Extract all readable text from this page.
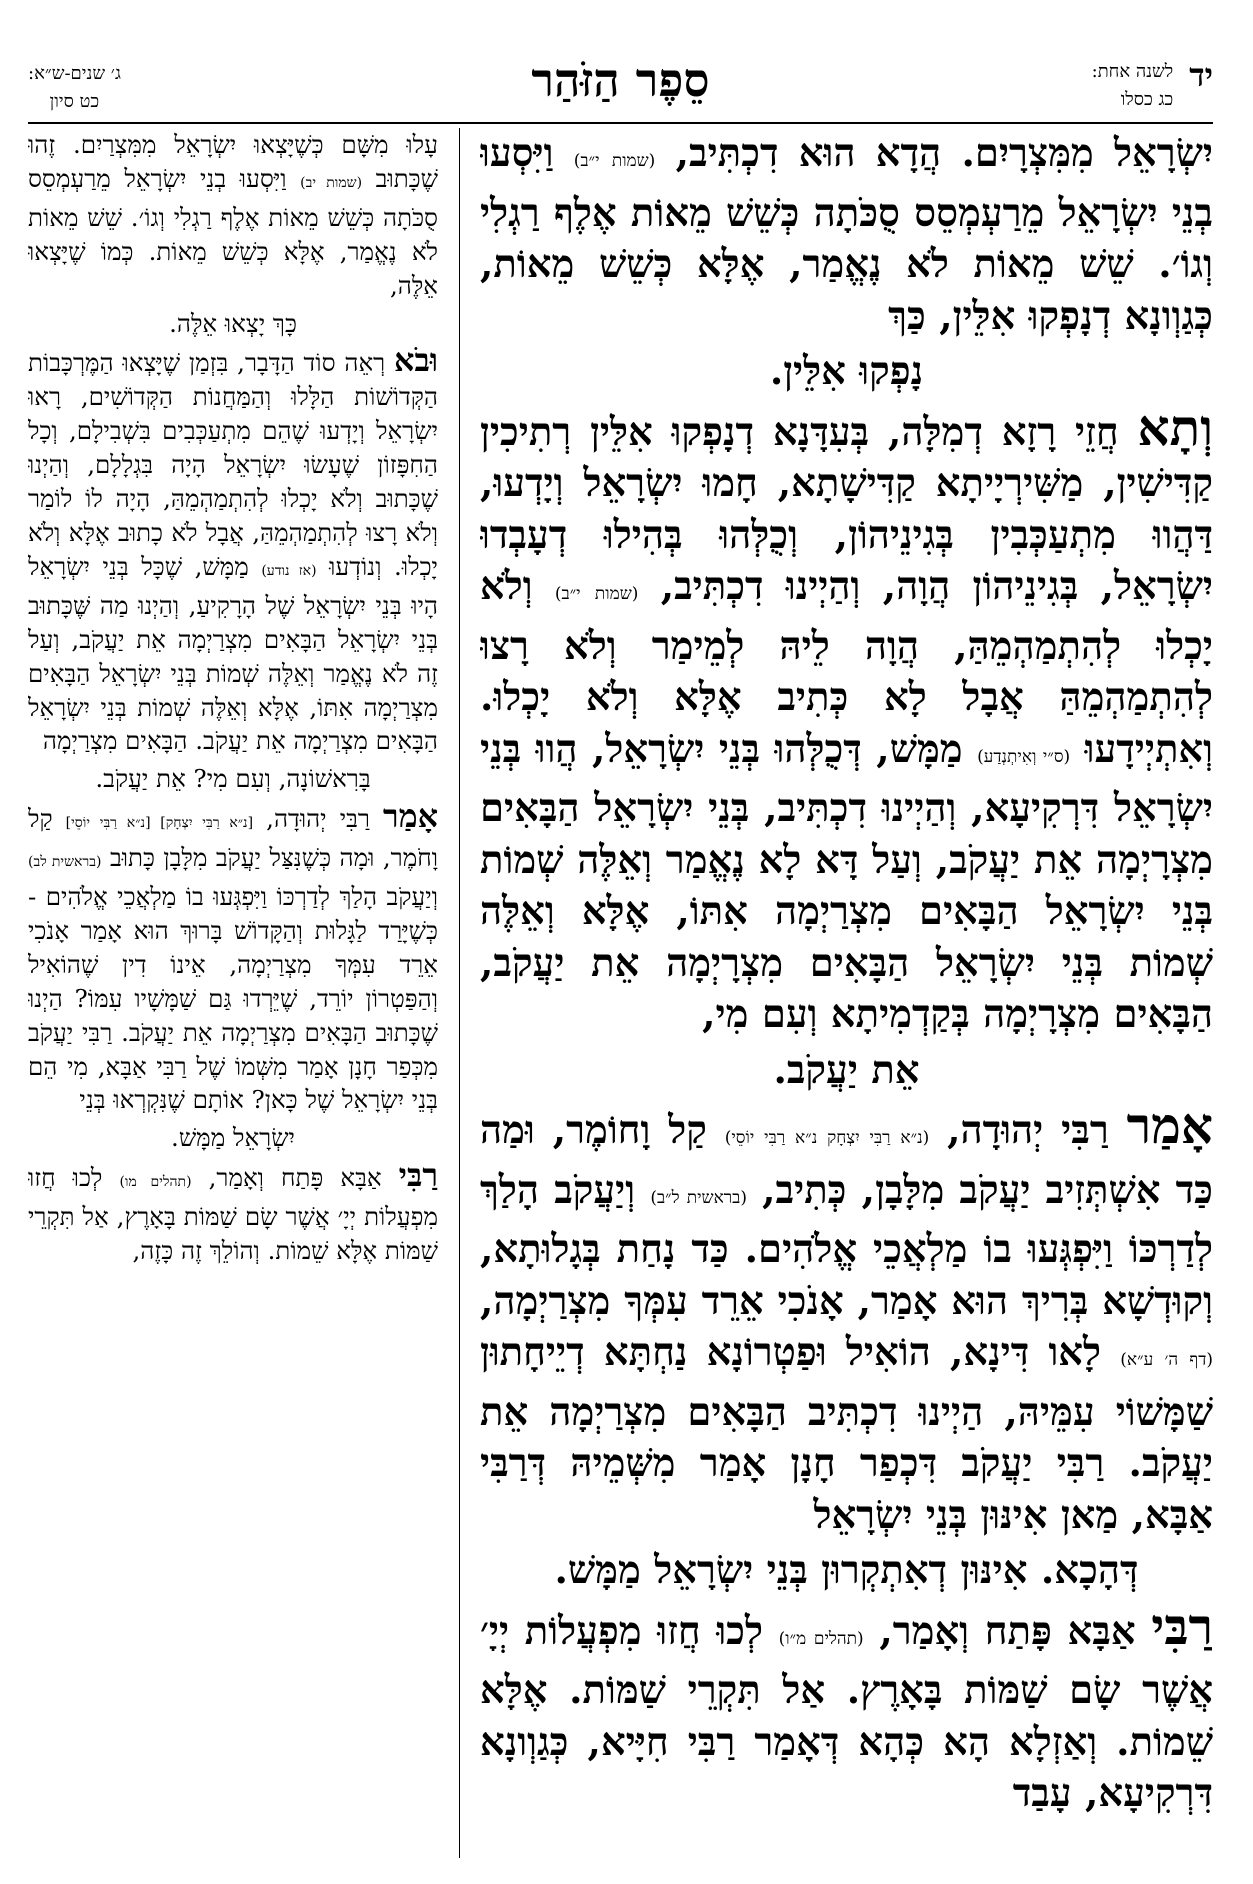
יד
לשנה אחת:
כג כסלו
סֵפֶר הַזֹּהַר
ג׳ שנים-ש״א:
כט סיון

יִשְׂרָאֵל מִמִּצְרָיִם. הֲדָא הוּא דִכְתִּיב, (שמות י״ב) וַיִּסְעוּ בְנֵי יִשְׂרָאֵל מֵרַעְמְסֵס סֻכֹּתָה כְּשֵׁשׁ מֵאוֹת אֶלֶף רַגְלִי וְגוֹ׳. שֵׁשׁ מֵאוֹת לֹא נֶאֱמַר, אֶלָּא כְּשֵׁשׁ מֵאוֹת, כְּגַוְונָא דְנָפְקוּ אִלֵּין, כַּךְ

נָפְקוּ אִלֵּין.

וְתָא חֲזֵי רָזָא דְמִלָּה, בְּעִדָּנָא דְנָפְקוּ אִלֵּין רְתִיכִין קַדִּישִׁין, מַשִּׁירְיָיתָא קַדִּישָׁתָא, חָמוּ יִשְׂרָאֵל וְיָדְעוּ, דַּהֲווּ מִתְעַכְּבִין בְּגִינֵיהוֹן, וְכֻלְּהוּ בְּהִילוּ דְעָבְדוּ יִשְׂרָאֵל, בְּגִינֵיהוֹן הֲוָה, וְהַיְינוּ דִכְתִּיב, (שמות י״ב) וְלֹא יָכְלוּ לְהִתְמַהְמֵהַּ, הֲוָה לֵיהּ לְמֵימַר וְלֹא רָצוּ לְהִתְמַהְמֵהַּ אֲבָל לָא כְּתִיב אֶלָּא וְלֹא יָכְלוּ. וְאִתְיְידָעוּ (ס״י וְאִיתְנְדַע) מַמָּשׁ, דְּכֻלְּהוּ בְּנֵי יִשְׂרָאֵל, הֲווּ בְּנֵי יִשְׂרָאֵל דִּרְקִיעָא, וְהַיְינוּ דִכְתִּיב, בְּנֵי יִשְׂרָאֵל הַבָּאִים מִצְרָיְמָה אֵת יַעֲקֹב, וְעַל דָּא לָא נֶאֱמַר וְאֵלֶּה שְׁמוֹת בְּנֵי יִשְׂרָאֵל הַבָּאִים מִצְרַיְמָה אִתּוֹ, אֶלָּא וְאֵלֶּה שְׁמוֹת בְּנֵי יִשְׂרָאֵל הַבָּאִים מִצְרָיְמָה אֵת יַעֲקֹב, הַבָּאִים מִצְרָיְמָה בְּקַדְמִיתָא וְעִם מִי,

אֵת יַעֲקֹב.

אָמַר רַבִּי יְהוּדָה, (נ״א רַבִּי יִצְחָק נ״א רַבִּי יוֹסֵי) קַל וָחוֹמֶר, וּמַה כַּד אִשְׁתְּזִיב יַעֲקֹב מִלָּבָן, כְּתִיב, (בראשית ל״ב) וְיַעֲקֹב הָלַךְ לְדַרְכּוֹ וַיִּפְגְּעוּ בוֹ מַלְאֲכֵי אֱלֹהִים. כַּד נָחַת בְּגָלוּתָא, וְקוּדְשָׁא בְּרִיךְ הוּא אָמַר, אָנֹכִי אֵרֵד עִמְּךָ מִצְרַיְמָה, (דף ה׳ ע״א) לָאו דִּינָא, הוֹאִיל וּפַטְרוֹנָא נַחְתָּא דְיֵיחָתוּן שַׁמָּשׁוֹי עִמֵּיהּ, הַיְינוּ דִכְתִּיב הַבָּאִים מִצְרַיְמָה אֵת יַעֲקֹב. רַבִּי יַעֲקֹב דִּכְפַר חָנָן אָמַר מִשְּׁמֵיהּ דְּרַבִּי אַבָּא, מַאן אִינּוּן בְּנֵי יִשְׂרָאֵל

דְּהָכָא. אִינּוּן דְאִתְקְרוּן בְּנֵי יִשְׂרָאֵל מַמָּשׁ.

רַבִּי אַבָּא פָּתַח וְאָמַר, (תהלים מ״ו) לְכוּ חֲזוּ מִפְעֲלוֹת יְיָ׳ אֲשֶׁר שָׂם שַׁמּוֹת בָּאָרֶץ. אַל תִּקְרֵי שַׁמּוֹת. אֶלָּא שֵׁמוֹת. וְאַזְלָא הָא כְּהָא דְּאָמַר רַבִּי חִיָּיא, כְּגַוְונָא דִּרְקִיעָא, עָבַד

עָלוּ מִשָּׁם כְּשֶׁיָּצְאוּ יִשְׂרָאֵל מִמִּצְרַיִם. זֶהוּ שֶׁכָּתוּב (שמות יב) וַיִּסְעוּ בְנֵי יִשְׂרָאֵל מֵרַעְמְסֵס סֻכֹּתָה כְּשֵׁשׁ מֵאוֹת אֶלֶף רַגְלִי וְגוֹ׳. שֵׁשׁ מֵאוֹת לֹא נֶאֱמַר, אֶלָּא כְּשֵׁשׁ מֵאוֹת. כְּמוֹ שֶׁיָּצְאוּ אֵלֶּה,

כָּךְ יָצְאוּ אֵלֶּה.

וּבֹא רְאֵה סוֹד הַדָּבָר, בִּזְמַן שֶׁיָּצְאוּ הַמֶּרְכָּבוֹת הַקְּדוֹשׁוֹת הַלָּלוּ וְהַמַּחֲנוֹת הַקְּדוֹשִׁים, רָאוּ יִשְׂרָאֵל וְיָדְעוּ שֶׁהֵם מִתְעַכְּבִים בִּשְׁבִילָם, וְכָל הַחִפָּזוֹן שֶׁעָשׂוּ יִשְׂרָאֵל הָיָה בִּגְלָלָם, וְהַיְנוּ שֶׁכָּתוּב וְלֹא יָכְלוּ לְהִתְמַהְמֵהַּ, הָיָה לוֹ לוֹמַר וְלֹא רָצוּ לְהִתְמַהְמֵהַּ, אֲבָל לֹא כָתוּב אֶלָּא וְלֹא יָכְלוּ. וְנוֹדְעוּ (אז נודע) מַמָּשׁ, שֶׁכָּל בְּנֵי יִשְׂרָאֵל הָיוּ בְּנֵי יִשְׂרָאֵל שֶׁל הָרָקִיעַ, וְהַיְנוּ מַה שֶּׁכָּתוּב בְּנֵי יִשְׂרָאֵל הַבָּאִים מִצְרַיְמָה אֵת יַעֲקֹב, וְעַל זֶה לֹא נֶאֱמַר וְאֵלֶּה שְׁמוֹת בְּנֵי יִשְׂרָאֵל הַבָּאִים מִצְרַיְמָה אִתּוֹ, אֶלָּא וְאֵלֶּה שְׁמוֹת בְּנֵי יִשְׂרָאֵל הַבָּאִים מִצְרַיְמָה אֵת יַעֲקֹב. הַבָּאִים מִצְרַיְמָה

בָּרִאשׁוֹנָה, וְעִם מִי? אֵת יַעֲקֹב.

אָמַר רַבִּי יְהוּדָה, [נ״א רַבִּי יִצְחָק] [נ״א רַבִּי יוֹסֵי] קַל וָחֹמֶר, וּמָה כְּשֶׁנִּצַּל יַעֲקֹב מִלָּבָן כָּתוּב (בראשית לב) וְיַעֲקֹב הָלַךְ לְדַרְכּוֹ וַיִּפְגְּעוּ בוֹ מַלְאֲכֵי אֱלֹהִים - כְּשֶׁיָּרַד לַגָּלוּת וְהַקָּדוֹשׁ בָּרוּךְ הוּא אָמַר אָנֹכִי אֵרֵד עִמְּךָ מִצְרַיְמָה, אֵינוֹ דִין שֶׁהוֹאִיל וְהַפַּטְרוֹן יוֹרֵד, שֶׁיֵּרְדוּ גַּם שַׁמָּשָׁיו עִמּוֹ? הַיְנוּ שֶׁכָּתוּב הַבָּאִים מִצְרַיְמָה אֵת יַעֲקֹב. רַבִּי יַעֲקֹב מִכְּפַר חָנָן אָמַר מִשְּׁמוֹ שֶׁל רַבִּי אַבָּא, מִי הֵם בְּנֵי יִשְׂרָאֵל שֶׁל כָּאן? אוֹתָם שֶׁנִּקְרְאוּ בְּנֵי

יִשְׂרָאֵל מַמָּשׁ.

רַבִּי אַבָּא פָּתַח וְאָמַר, (תהלים מו) לְכוּ חֲזוּ מִפְעֲלוֹת יְיָ׳ אֲשֶׁר שָׂם שַׁמּוֹת בָּאָרֶץ, אַל תִּקְרֵי שַׁמּוֹת אֶלָּא שֵׁמוֹת. וְהוֹלֵךְ זֶה כָּזֶה,
